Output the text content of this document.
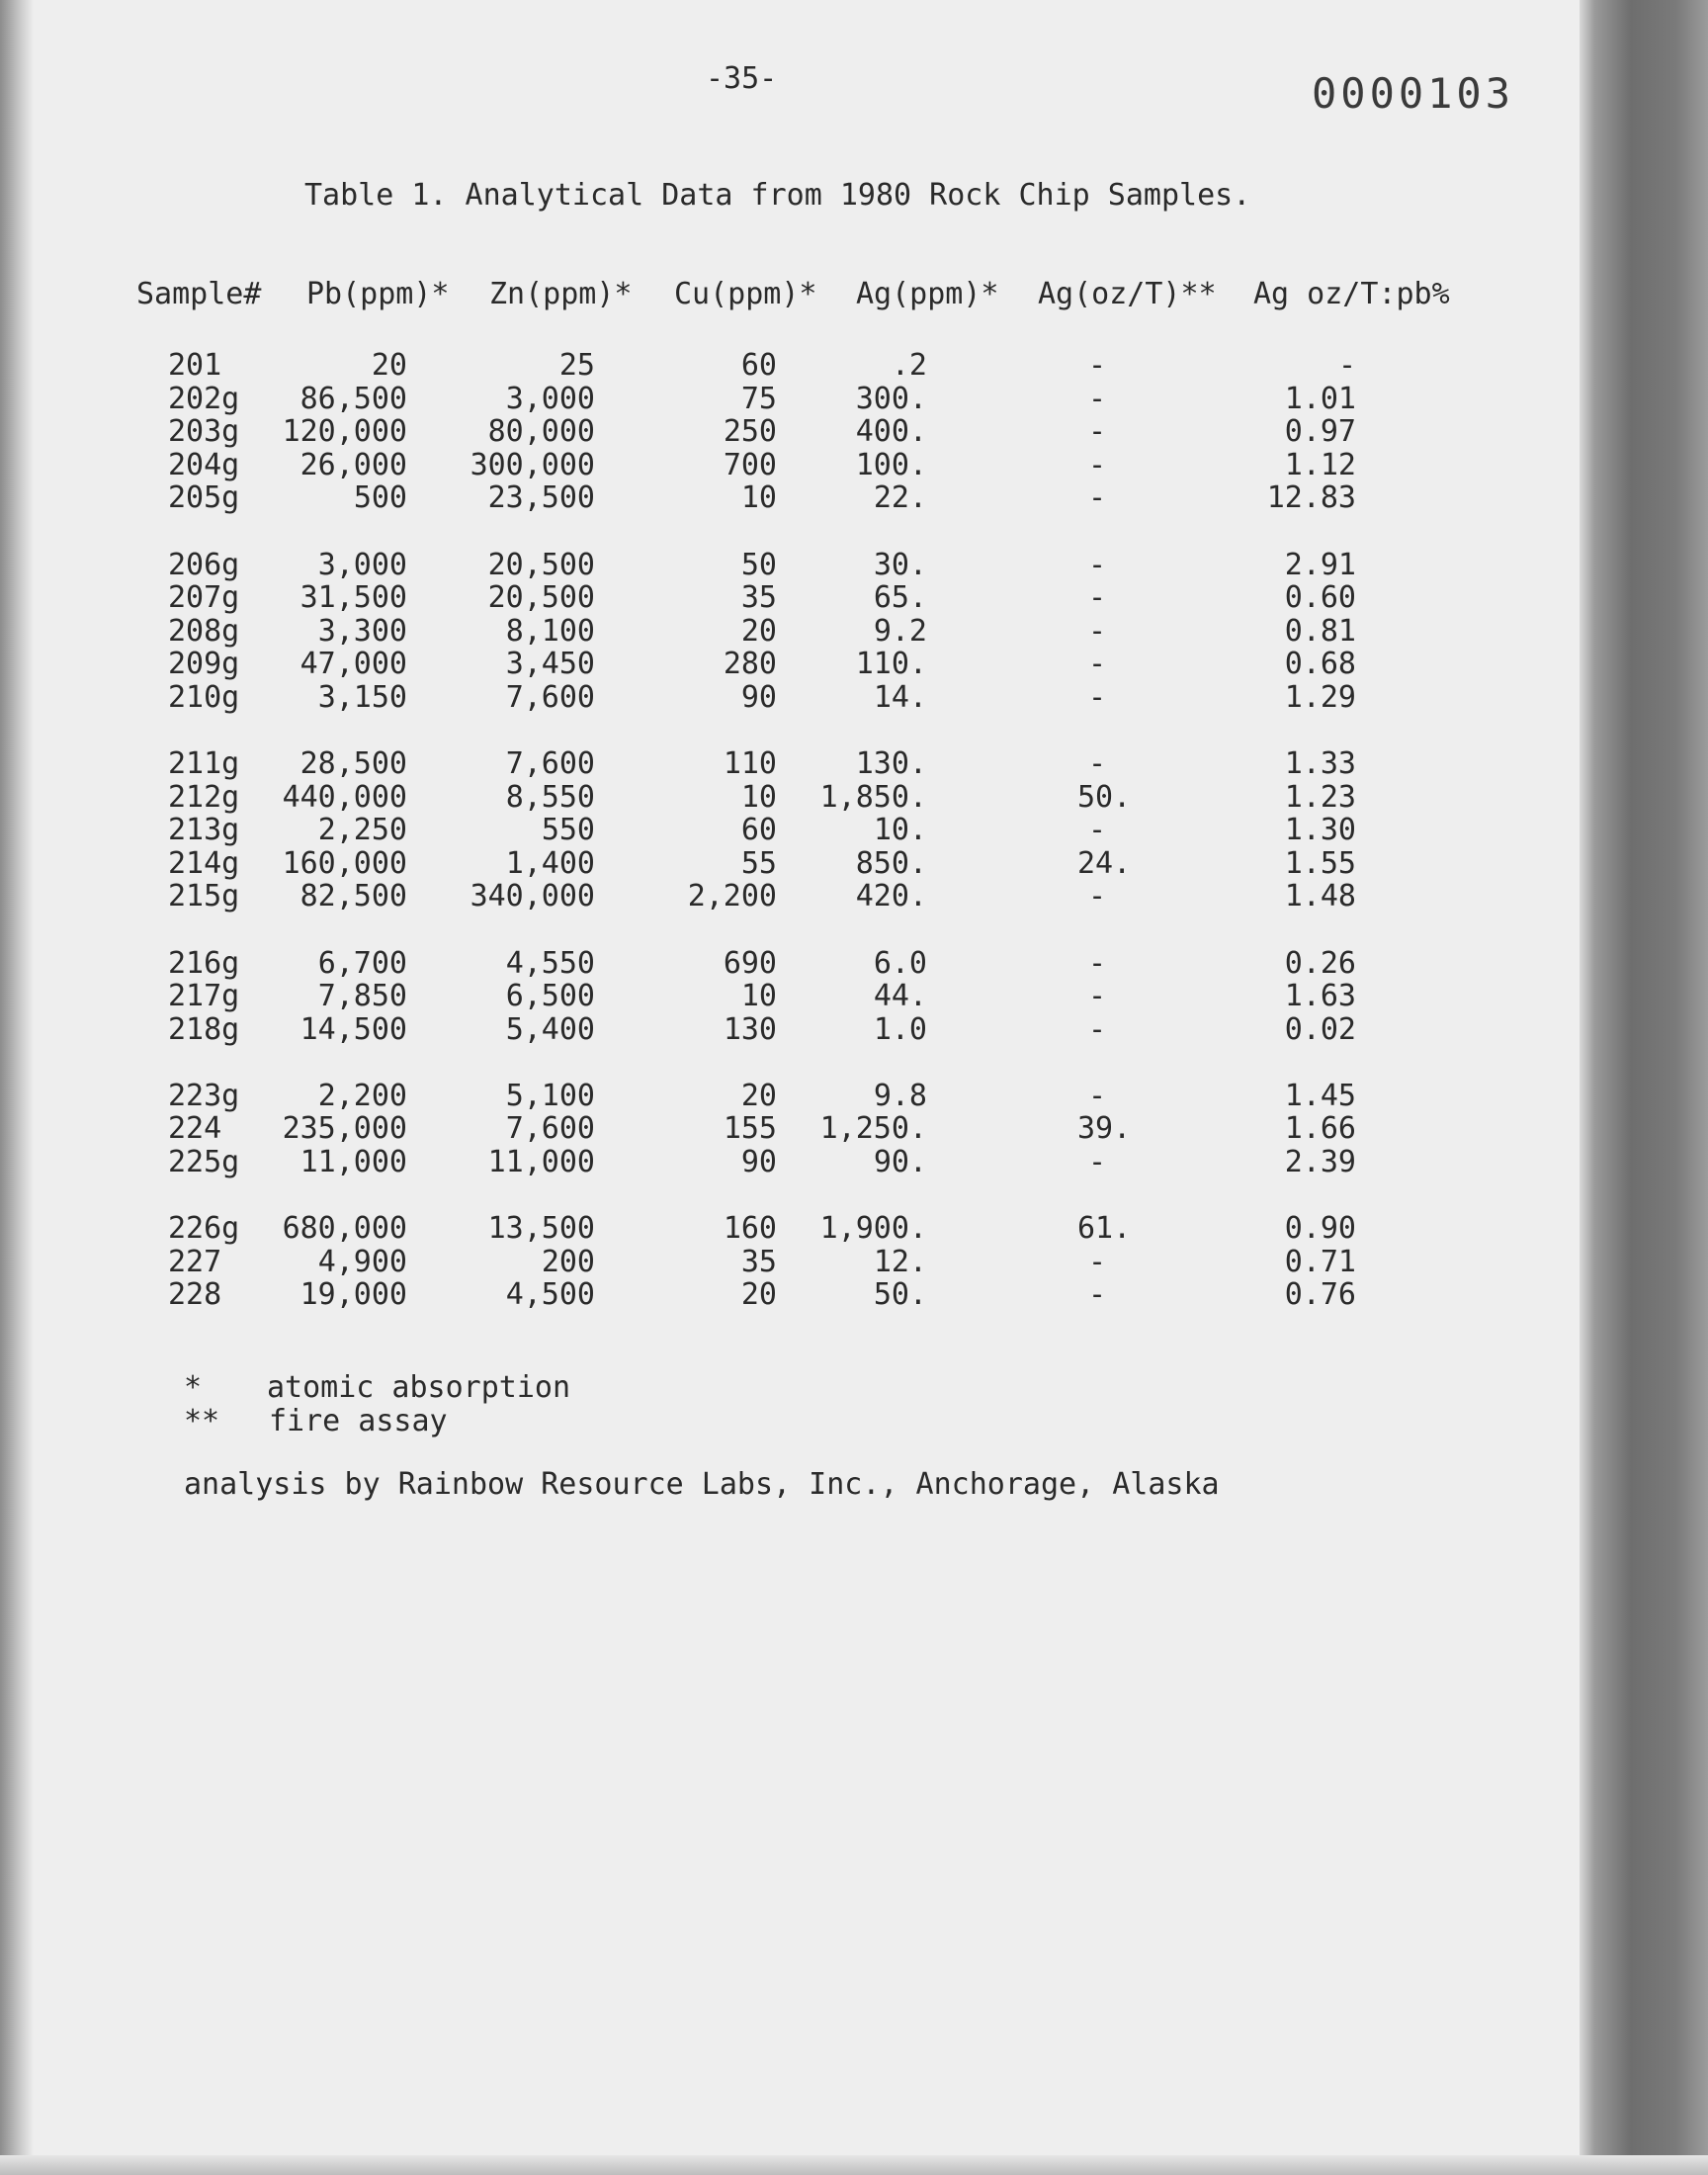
-35-	0000103
Table 1. Analytical Data from 1980 Rock Chip Samples.
Sample# Pb(ppm)* Zn(ppm)* Cu(ppm)* Ag(ppm)* Ag(oz/T)** Ag oz/T:pb%
201	20	25	60	.2	-	-
202g 86,500	3,000	75	300.	-	1.01
203g 120,000	80,000	250	400.	-	0.97
204g 26,000 300,000	700	100.	-	1.12
205g	500	23,500	10	22.	-	12.83
206g	3,000	20,500	50	30.	-	2.91
207g 31,500	20,500	35	65.	-	0.60
208g	3,300	8,100	20	9.2	-	0.81
209g 47,000	3,450	280	110.	-	0.68
210g	3,150	7,600	90	14.	-	1.29
211g 28,500	7,600	110	130.	-	1.33
212g 440,000	8,550	10 1,850.	50.	1.23
213g	2,250	550	60	10.	-	1.30
214g 160,000	1,400	55	850.	24.	1.55
215g 82,500 340,000	2,200	420.	-	1.48
216g	6,700	4,550	690	6.0	-	0.26
217g	7,850	6,500	10	44.	-	1.63
218g 14,500	5,400	130	1.0	-	0.02
223g	2,200	5,100	20	9.8	-	1.45
224 235,000	7,600	155 1,250.	39.	1.66
225g 11,000	11,000	90	90.	-	2.39
226g 680,000	13,500	160 1,900.	61.	0.90
227	4,900	200	35	12.	-	0.71
228	19,000	4,500	20	50.	-	0.76
* atomic absorption
** fire assay
analysis by Rainbow Resource Labs, Inc., Anchorage, Alaska
